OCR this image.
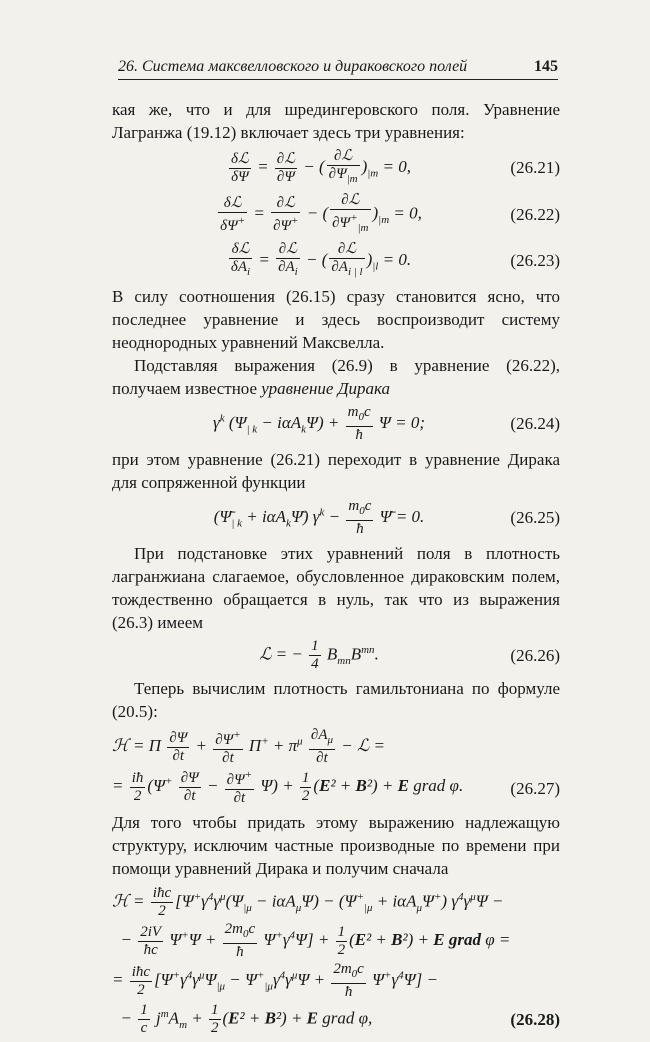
26. Система максвелловского и дираковского полей	145

кая же, что и для шредингеровского поля. Уравнение Лагранжа (19.12) включает здесь три уравнения:

$\frac{\text{δℒ}}{\delta\Psi} = \frac{\text{∂ℒ}}{\partial\Psi}$ − ( $\frac{\text{∂ℒ}}{\partial\Psi_{|m}} )_{|m} = 0$,	(26.21)
$\frac{\text{δℒ}}{\delta\Psi^+} = \frac{\text{∂ℒ}}{\partial\Psi^+}$ − ( $\frac{\text{∂ℒ}}{\partial\Psi^+_{|m}} )_{|m} = 0$,	(26.22)
$\frac{\text{δℒ}}{\delta A_i} = \frac{\text{∂ℒ}}{\partial A_i}$ − ( $\frac{\text{∂ℒ}}{\partial A_{i | l}} )_{|l} = 0$.	(26.23)

В силу соотношения (26.15) сразу становится ясно, что последнее уравнение и здесь воспроизводит систему неоднородных уравнений Максвелла.

Подставляя выражения (26.9) в уравнение (26.22), получаем известное уравнение Дирака

$\gamma^k$ $(\Psi_{| k} - i\alpha A_k\Psi) + \frac{m_0c}{ħ}$ Ψ = 0;	(26.24)

при этом уравнение (26.21) переходит в уравнение Дирака для сопряженной функции

($\Psī_{| k}$ + iαA$_k$Ψ̄) $\gamma^k - \frac{m_0c}{ħ}$ Ψ̄ = 0.	(26.25)

При подстановке этих уравнений поля в плотность лагранжиана слагаемое, обусловленное дираковским полем, тождественно обращается в нуль, так что из выражения (26.3) имеем

ℒ = − $\frac{1}{4} B_{mn}B^{mn}$.	(26.26)

Теперь вычислим плотность гамильтониана по формуле (20.5):

ℋ = Π $\frac{\partial\Psi}{\partial t} + \frac{\partial\Psi^+}{\partial t} \Pi^+ + \pi^\mu \frac{\partial A_\mu}{\partial t}$ − ℒ =
= $\frac{iħ}{2} (\Psi^+ \frac{\partial\Psi}{\partial t} - \frac{\partial\Psi^+}{\partial t} \Psi) + \frac{1}{2} (E^2 + B^2) + E$ grad φ.	(26.27)

Для того чтобы придать этому выражению надлежащую структуру, исключим частные производные по времени при помощи уравнений Дирака и получим сначала

ℋ = $\frac{\text{iħc}}{2} [\Psi^+\gamma^4\gamma^\mu(\Psi_{|\mu} - i\alpha A_\mu\Psi) - (\Psi^+_{|\mu} + i\alpha A_\mu\Psi^+) \gamma^4\gamma^\mu\Psi$ −
− $\frac{2iV}{ħc} \Psi^+\Psi + \frac{2m_0c}{ħ} \Psi^+\gamma^4\Psi] + \frac{1}{2} (E^2 + B^2) + E$ grad φ =
= $\frac{\text{iħc}}{2} [\Psi^+\gamma^4\gamma^\mu\Psi_{|\mu} - \Psi^+_{|\mu}\gamma^4\gamma^\mu\Psi + \frac{2m_0c}{ħ} \Psi^+\gamma^4\Psi]$ −
− $\frac{1}{c} j^mA_m + \frac{1}{2} (E^2 + B^2) + E$ grad φ,	(26.28)
